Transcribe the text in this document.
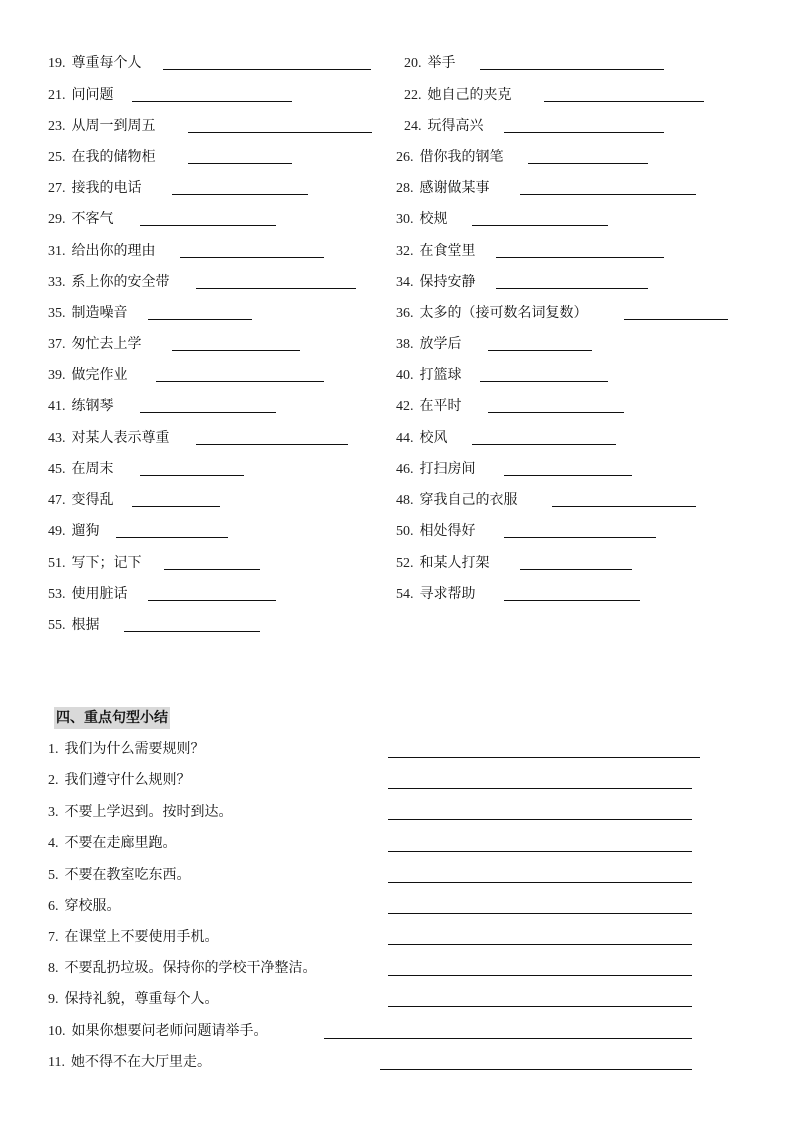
19. 尊重每个人	20. 举手
21. 问问题	22. 她自己的夹克
23. 从周一到周五	24. 玩得高兴
25. 在我的储物柜	26. 借你我的钢笔
27. 接我的电话	28. 感谢做某事
29. 不客气	30. 校规
31. 给出你的理由	32. 在食堂里
33. 系上你的安全带	34. 保持安静
35. 制造噪音	36. 太多的（接可数名词复数）
37. 匆忙去上学	38. 放学后
39. 做完作业	40. 打篮球
41. 练钢琴	42. 在平时
43. 对某人表示尊重	44. 校风
45. 在周末	46. 打扫房间
47. 变得乱	48. 穿我自己的衣服
49. 遛狗	50. 相处得好
51. 写下；记下	52. 和某人打架
53. 使用脏话	54. 寻求帮助
55. 根据
四、重点句型小结
1. 我们为什么需要规则？
2. 我们遵守什么规则？
3. 不要上学迟到。按时到达。
4. 不要在走廊里跑。
5. 不要在教室吃东西。
6. 穿校服。
7. 在课堂上不要使用手机。
8. 不要乱扔垃圾。保持你的学校干净整洁。
9. 保持礼貌，尊重每个人。
10. 如果你想要问老师问题请举手。
11. 她不得不在大厅里走。
